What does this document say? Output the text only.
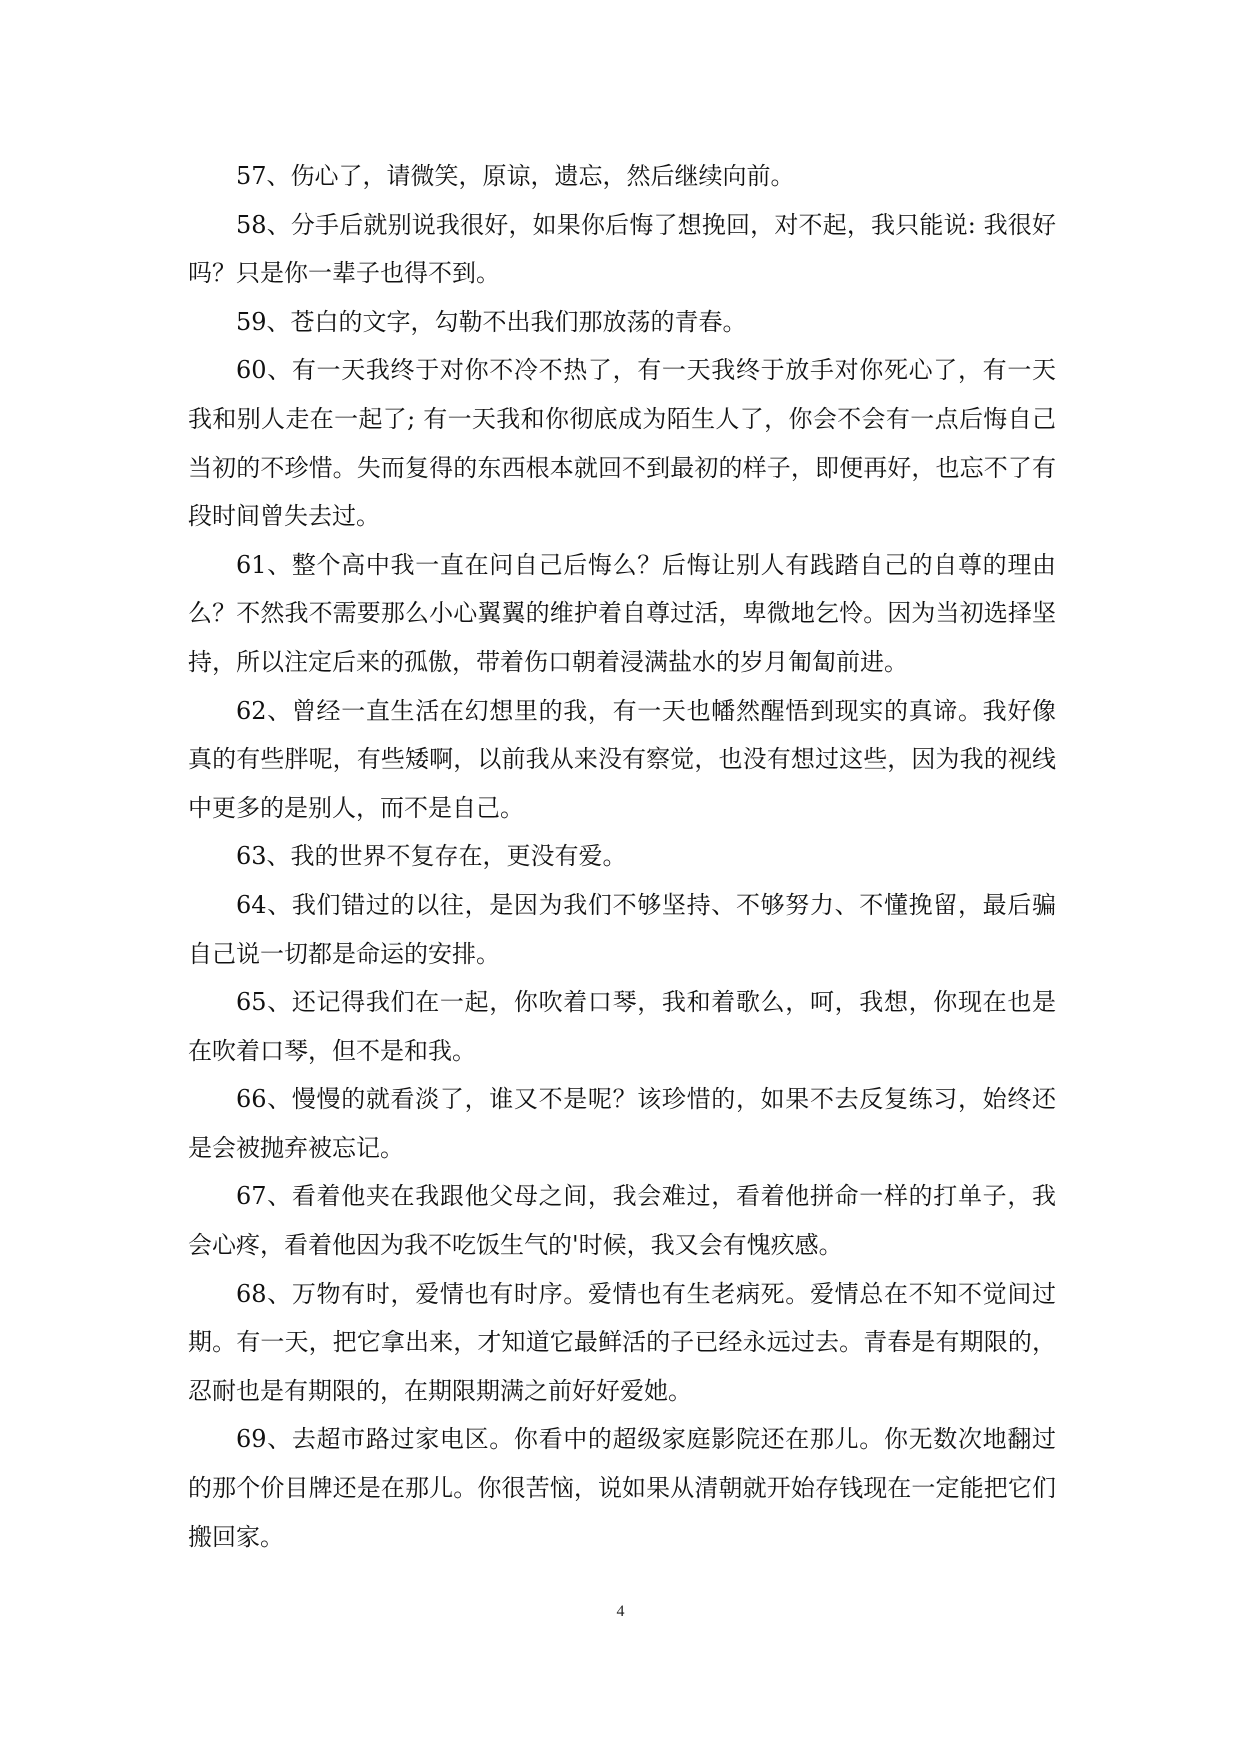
57、伤心了，请微笑，原谅，遗忘，然后继续向前。

58、分手后就别说我很好，如果你后悔了想挽回，对不起，我只能说: 我很好吗？只是你一辈子也得不到。

59、苍白的文字，勾勒不出我们那放荡的青春。

60、有一天我终于对你不冷不热了，有一天我终于放手对你死心了，有一天我和别人走在一起了; 有一天我和你彻底成为陌生人了，你会不会有一点后悔自己当初的不珍惜。失而复得的东西根本就回不到最初的样子，即便再好，也忘不了有段时间曾失去过。

61、整个高中我一直在问自己后悔么？后悔让别人有践踏自己的自尊的理由么？不然我不需要那么小心翼翼的维护着自尊过活，卑微地乞怜。因为当初选择坚持，所以注定后来的孤傲，带着伤口朝着浸满盐水的岁月匍匐前进。

62、曾经一直生活在幻想里的我，有一天也幡然醒悟到现实的真谛。我好像真的有些胖呢，有些矮啊，以前我从来没有察觉，也没有想过这些，因为我的视线中更多的是别人，而不是自己。

63、我的世界不复存在，更没有爱。

64、我们错过的以往，是因为我们不够坚持、不够努力、不懂挽留，最后骗自己说一切都是命运的安排。

65、还记得我们在一起，你吹着口琴，我和着歌么，呵，我想，你现在也是在吹着口琴，但不是和我。

66、慢慢的就看淡了，谁又不是呢？该珍惜的，如果不去反复练习，始终还是会被抛弃被忘记。

67、看着他夹在我跟他父母之间，我会难过，看着他拼命一样的打单子，我会心疼，看着他因为我不吃饭生气的'时候，我又会有愧疚感。

68、万物有时，爱情也有时序。爱情也有生老病死。爱情总在不知不觉间过期。有一天，把它拿出来，才知道它最鲜活的子已经永远过去。青春是有期限的，忍耐也是有期限的，在期限期满之前好好爱她。

69、去超市路过家电区。你看中的超级家庭影院还在那儿。你无数次地翻过的那个价目牌还是在那儿。你很苦恼，说如果从清朝就开始存钱现在一定能把它们搬回家。

4
